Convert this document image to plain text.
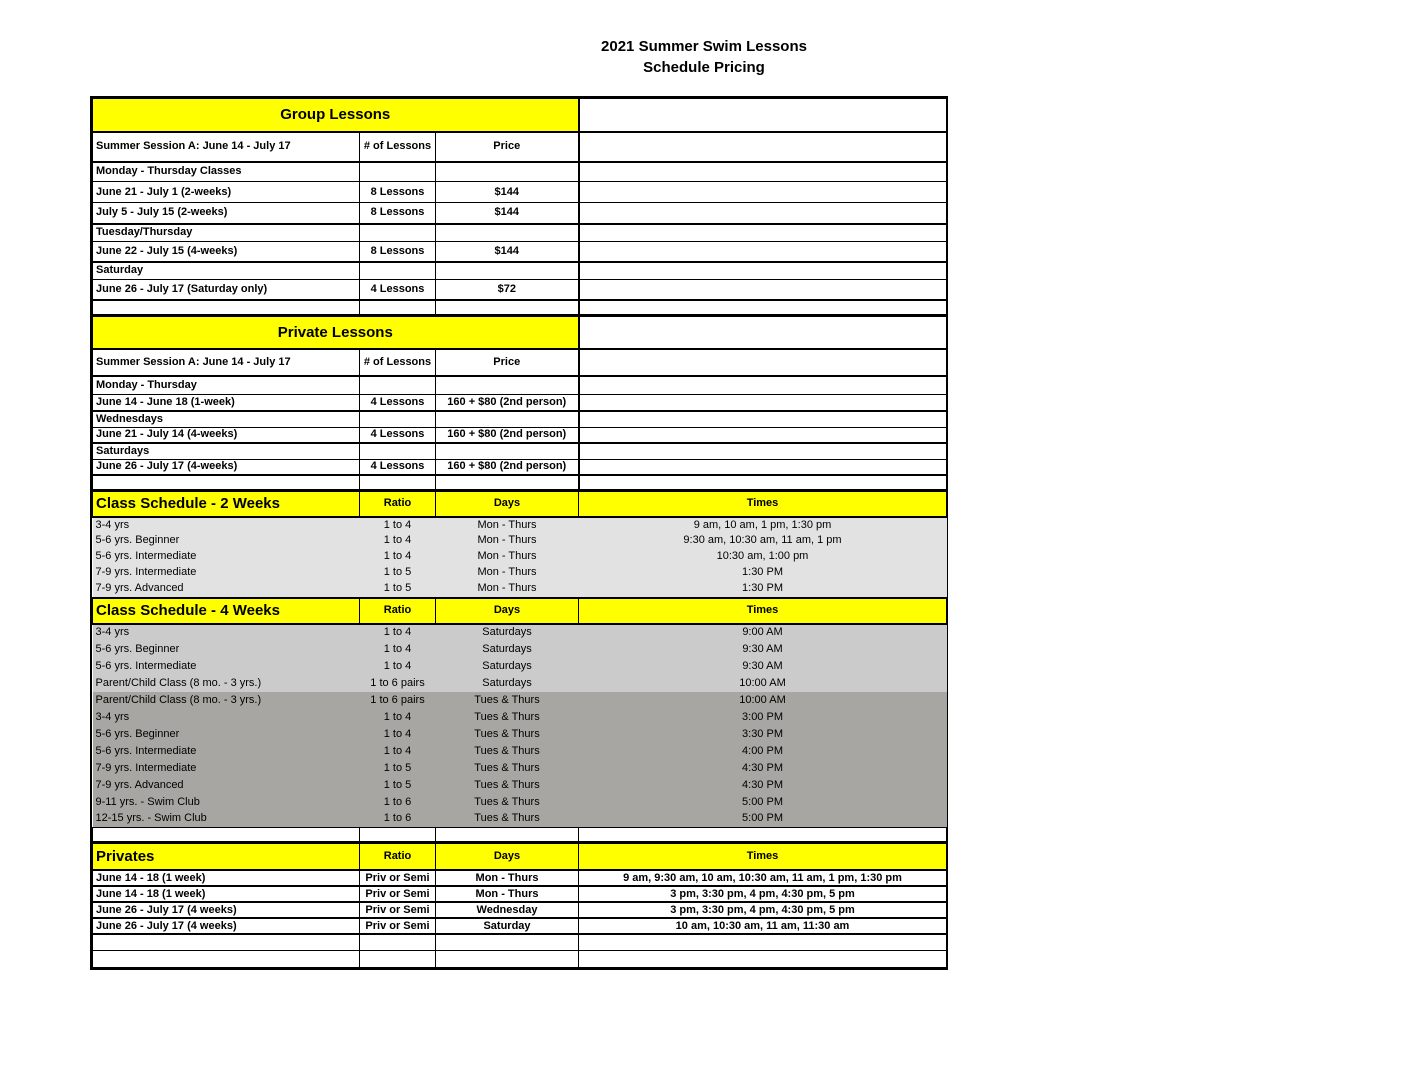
2021 Summer Swim Lessons
Schedule Pricing
Group Lessons			
Summer Session A: June 14 - July 17	# of Lessons	Price	
Monday - Thursday Classes			
June 21 - July 1 (2-weeks)	8 Lessons	$144	
July 5 - July 15 (2-weeks)	8 Lessons	$144	
Tuesday/Thursday			
June 22 - July 15 (4-weeks)	8 Lessons	$144	
Saturday			
June 26 - July 17 (Saturday only)	4 Lessons	$72	

Private Lessons			
Summer Session A: June 14 - July 17	# of Lessons	Price	
Monday - Thursday			
June 14 - June 18 (1-week)	4 Lessons	160 + $80 (2nd person)	
Wednesdays			
June 21 - July 14 (4-weeks)	4 Lessons	160 + $80 (2nd person)	
Saturdays			
June 26 - July 17 (4-weeks)	4 Lessons	160 + $80 (2nd person)	

Class Schedule - 2 Weeks	Ratio	Days	Times
3-4 yrs	1 to 4	Mon - Thurs	9 am, 10 am, 1 pm, 1:30 pm
5-6 yrs. Beginner	1 to 4	Mon - Thurs	9:30 am, 10:30 am, 11 am, 1 pm
5-6 yrs. Intermediate	1 to 4	Mon - Thurs	10:30 am, 1:00 pm
7-9 yrs. Intermediate	1 to 5	Mon - Thurs	1:30 PM
7-9 yrs. Advanced	1 to 5	Mon - Thurs	1:30 PM
Class Schedule - 4 Weeks	Ratio	Days	Times
3-4 yrs	1 to 4	Saturdays	9:00 AM
5-6 yrs. Beginner	1 to 4	Saturdays	9:30 AM
5-6 yrs. Intermediate	1 to 4	Saturdays	9:30 AM
Parent/Child Class (8 mo. - 3 yrs.)	1 to 6 pairs	Saturdays	10:00 AM
Parent/Child Class (8 mo. - 3 yrs.)	1 to 6 pairs	Tues & Thurs	10:00 AM
3-4 yrs	1 to 4	Tues & Thurs	3:00 PM
5-6 yrs. Beginner	1 to 4	Tues & Thurs	3:30 PM
5-6 yrs. Intermediate	1 to 4	Tues & Thurs	4:00 PM
7-9 yrs. Intermediate	1 to 5	Tues & Thurs	4:30 PM
7-9 yrs. Advanced	1 to 5	Tues & Thurs	4:30 PM
9-11 yrs. - Swim Club	1 to 6	Tues & Thurs	5:00 PM
12-15 yrs. - Swim Club	1 to 6	Tues & Thurs	5:00 PM

Privates	Ratio	Days	Times
June 14 - 18 (1 week)	Priv or Semi	Mon - Thurs	9 am, 9:30 am, 10 am, 10:30 am, 11 am, 1 pm, 1:30 pm
June 14 - 18 (1 week)	Priv or Semi	Mon - Thurs	3 pm, 3:30 pm, 4 pm, 4:30 pm, 5 pm
June 26 - July 17 (4 weeks)	Priv or Semi	Wednesday	3 pm, 3:30 pm, 4 pm, 4:30 pm, 5 pm
June 26 - July 17 (4 weeks)	Priv or Semi	Saturday	10 am, 10:30 am, 11 am, 11:30 am
